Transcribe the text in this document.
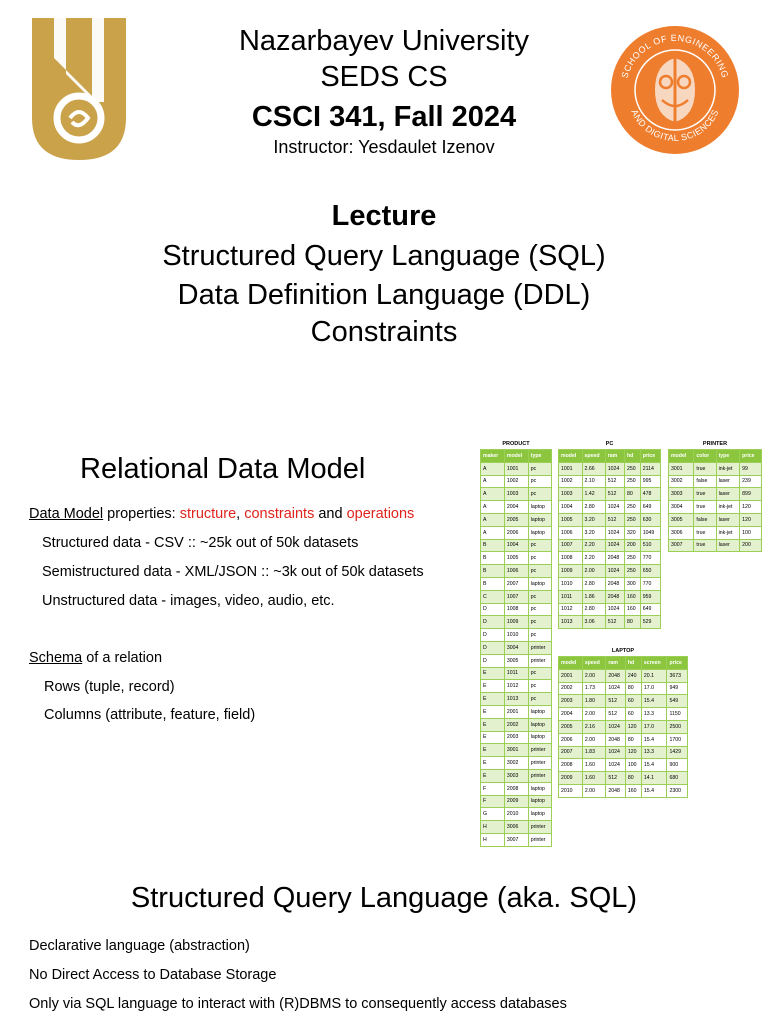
Nazarbayev University
SEDS CS
CSCI 341, Fall 2024
Instructor: Yesdaulet Izenov
SCHOOL OF ENGINEERING
AND DIGITAL SCIENCES
Lecture
Structured Query Language (SQL)
Data Definition Language (DDL)
Constraints
Relational Data Model
Data Model properties: structure, constraints and operations
Structured data - CSV :: ~25k out of 50k datasets
Semistructured data - XML/JSON :: ~3k out of 50k datasets
Unstructured data - images, video, audio, etc.
Schema of a relation
Rows (tuple, record)
Columns (attribute, feature, field)
PRODUCT
maker	model	type
A	1001	pc
A	1002	pc
A	1003	pc
A	2004	laptop
A	2005	laptop
A	2006	laptop
B	1004	pc
B	1005	pc
B	1006	pc
B	2007	laptop
C	1007	pc
D	1008	pc
D	1009	pc
D	1010	pc
D	3004	printer
D	3005	printer
E	1011	pc
E	1012	pc
E	1013	pc
E	2001	laptop
E	2002	laptop
E	2003	laptop
E	3001	printer
E	3002	printer
E	3003	printer
F	2008	laptop
F	2009	laptop
G	2010	laptop
H	3006	printer
H	3007	printer
PC
model	speed	ram	hd	price
1001	2.66	1024	250	2114
1002	2.10	512	250	995
1003	1.42	512	80	478
1004	2.80	1024	250	649
1005	3.20	512	250	630
1006	3.20	1024	320	1049
1007	2.20	1024	200	510
1008	2.20	2048	250	770
1009	2.00	1024	250	650
1010	2.80	2048	300	770
1011	1.86	2048	160	959
1012	2.80	1024	160	649
1013	3.06	512	80	529
PRINTER
model	color	type	price
3001	true	ink-jet	99
3002	false	laser	239
3003	true	laser	899
3004	true	ink-jet	120
3005	false	laser	120
3006	true	ink-jet	100
3007	true	laser	200
LAPTOP
model	speed	ram	hd	screen	price
2001	2.00	2048	240	20.1	3673
2002	1.73	1024	80	17.0	949
2003	1.80	512	60	15.4	549
2004	2.00	512	60	13.3	1150
2005	2.16	1024	120	17.0	2500
2006	2.00	2048	80	15.4	1700
2007	1.83	1024	120	13.3	1429
2008	1.60	1024	100	15.4	900
2009	1.60	512	80	14.1	680
2010	2.00	2048	160	15.4	2300
Structured Query Language (aka. SQL)
Declarative language (abstraction)
No Direct Access to Database Storage
Only via SQL language to interact with (R)DBMS to consequently access databases
